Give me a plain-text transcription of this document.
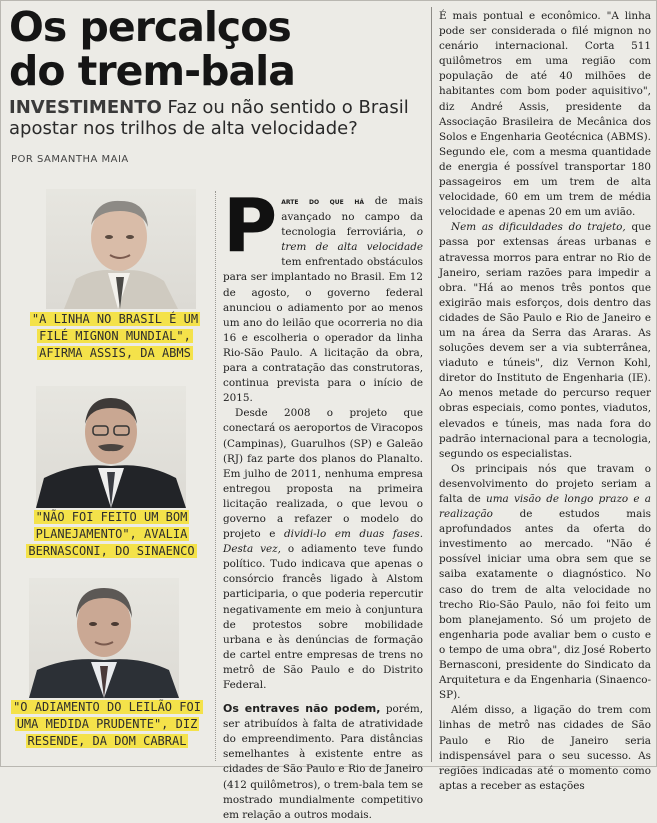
Os percalços
do trem-bala
INVESTIMENTO Faz ou não sentido o Brasil apostar nos trilhos de alta velocidade?
POR SAMANTHA MAIA
"A LINHA NO BRASIL É UM FILÉ MIGNON MUNDIAL", AFIRMA ASSIS, DA ABMS
"NÃO FOI FEITO UM BOM PLANEJAMENTO", AVALIA BERNASCONI, DO SINAENCO
"O ADIAMENTO DO LEILÃO FOI UMA MEDIDA PRUDENTE", DIZ RESENDE, DA DOM CABRAL

Parte do que há de mais avançado no campo da tecnologia ferroviária, o trem de alta velocidade tem enfrentado obstáculos para ser implantado no Brasil. Em 12 de agosto, o governo federal anunciou o adiamento por ao menos um ano do leilão que ocorreria no dia 16 e escolheria o operador da linha Rio-São Paulo. A licitação da obra, para a contratação das construtoras, continua prevista para o início de 2015.

Desde 2008 o projeto que conectará os aeroportos de Viracopos (Campinas), Guarulhos (SP) e Galeão (RJ) faz parte dos planos do Planalto. Em julho de 2011, nenhuma empresa entregou proposta na primeira licitação realizada, o que levou o governo a refazer o modelo do projeto e dividi-lo em duas fases. Desta vez, o adiamento teve fundo político. Tudo indicava que apenas o consórcio francês ligado à Alstom participaria, o que poderia repercutir negativamente em meio à conjuntura de protestos sobre mobilidade urbana e às denúncias de formação de cartel entre empresas de trens no metrô de São Paulo e do Distrito Federal.

Os entraves não podem, porém, ser atribuídos à falta de atratividade do empreendimento. Para distâncias semelhantes à existente entre as cidades de São Paulo e Rio de Janeiro (412 quilômetros), o trem-bala tem se mostrado mundialmente competitivo em relação a outros modais.

É mais pontual e econômico. "A linha pode ser considerada o filé mignon no cenário internacional. Corta 511 quilômetros em uma região com população de até 40 milhões de habitantes com bom poder aquisitivo", diz André Assis, presidente da Associação Brasileira de Mecânica dos Solos e Engenharia Geotécnica (ABMS). Segundo ele, com a mesma quantidade de energia é possível transportar 180 passageiros em um trem de alta velocidade, 60 em um trem de média velocidade e apenas 20 em um avião.

Nem as dificuldades do trajeto, que passa por extensas áreas urbanas e atravessa morros para entrar no Rio de Janeiro, seriam razões para impedir a obra. "Há ao menos três pontos que exigirão mais esforços, dois dentro das cidades de São Paulo e Rio de Janeiro e um na área da Serra das Araras. As soluções devem ser a via subterrânea, viaduto e túneis", diz Vernon Kohl, diretor do Instituto de Engenharia (IE). Ao menos metade do percurso requer obras especiais, como pontes, viadutos, elevados e túneis, mas nada fora do padrão internacional para a tecnologia, segundo os especialistas.

Os principais nós que travam o desenvolvimento do projeto seriam a falta de uma visão de longo prazo e a realização de estudos mais aprofundados antes da oferta do investimento ao mercado. "Não é possível iniciar uma obra sem que se saiba exatamente o diagnóstico. No caso do trem de alta velocidade no trecho Rio-São Paulo, não foi feito um bom planejamento. Só um projeto de engenharia pode avaliar bem o custo e o tempo de uma obra", diz José Roberto Bernasconi, presidente do Sindicato da Arquitetura e da Engenharia (Sinaenco-SP).

Além disso, a ligação do trem com linhas de metrô nas cidades de São Paulo e Rio de Janeiro seria indispensável para o seu sucesso. As regiões indicadas até o momento como aptas a receber as estações
